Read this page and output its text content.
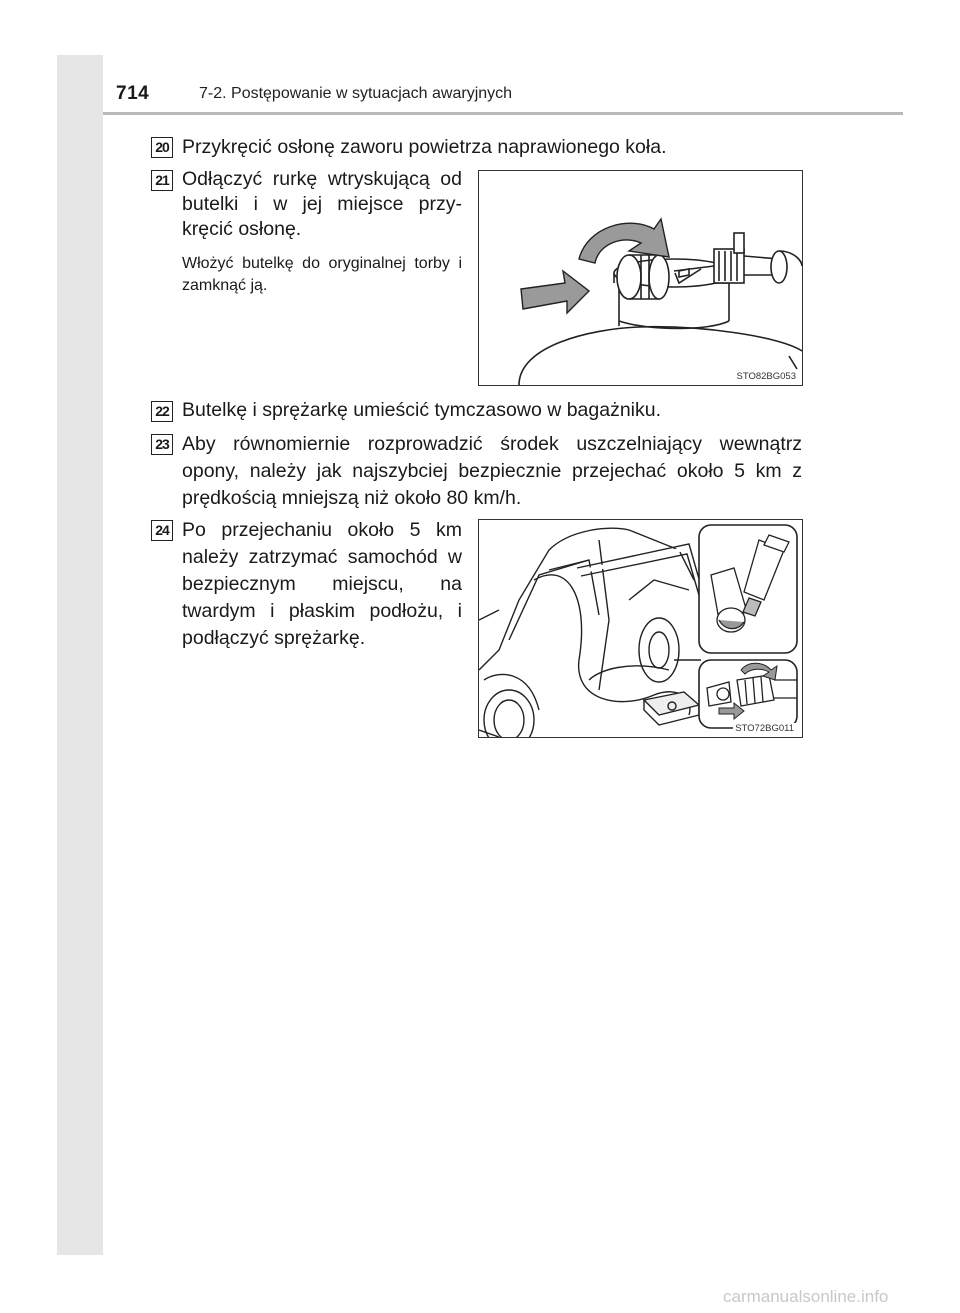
714	7-2. Postępowanie w sytuacjach awaryjnych
20 Przykręcić osłonę zaworu powietrza naprawionego koła.
21 Odłączyć rurkę wtryskującą od butelki i w jej miejsce przy-kręcić osłonę.
Włożyć butelkę do oryginalnej torby i zamknąć ją.
STO82BG053
22 Butelkę i sprężarkę umieścić tymczasowo w bagażniku.
23 Aby równomiernie rozprowadzić środek uszczelniający wewnątrz opony, należy jak najszybciej bezpiecznie przejechać około 5 km z prędkością mniejszą niż około 80 km/h.
24 Po przejechaniu około 5 km należy zatrzymać samochód w bezpiecznym miejscu, na twardym i płaskim podłożu, i podłączyć sprężarkę.
STO72BG011
carmanualsonline.info
